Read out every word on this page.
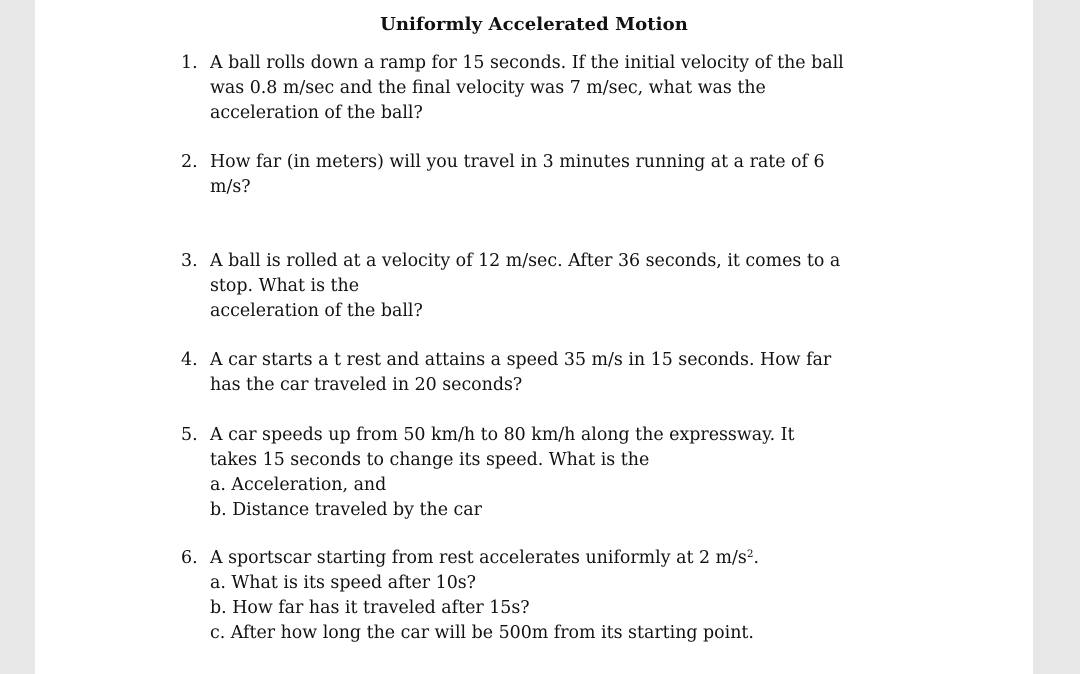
Uniformly Accelerated Motion
1. A ball rolls down a ramp for 15 seconds. If the initial velocity of the ball
was 0.8 m/sec and the final velocity was 7 m/sec, what was the
acceleration of the ball?
2. How far (in meters) will you travel in 3 minutes running at a rate of 6
m/s?
3. A ball is rolled at a velocity of 12 m/sec. After 36 seconds, it comes to a
stop. What is the
acceleration of the ball?
4. A car starts a t rest and attains a speed 35 m/s in 15 seconds. How far
has the car traveled in 20 seconds?
5. A car speeds up from 50 km/h to 80 km/h along the expressway. It
takes 15 seconds to change its speed. What is the
a. Acceleration, and
b. Distance traveled by the car
6. A sportscar starting from rest accelerates uniformly at 2 $m/s^2$.
a. What is its speed after 10s?
b. How far has it traveled after 15s?
c. After how long the car will be 500m from its starting point.
